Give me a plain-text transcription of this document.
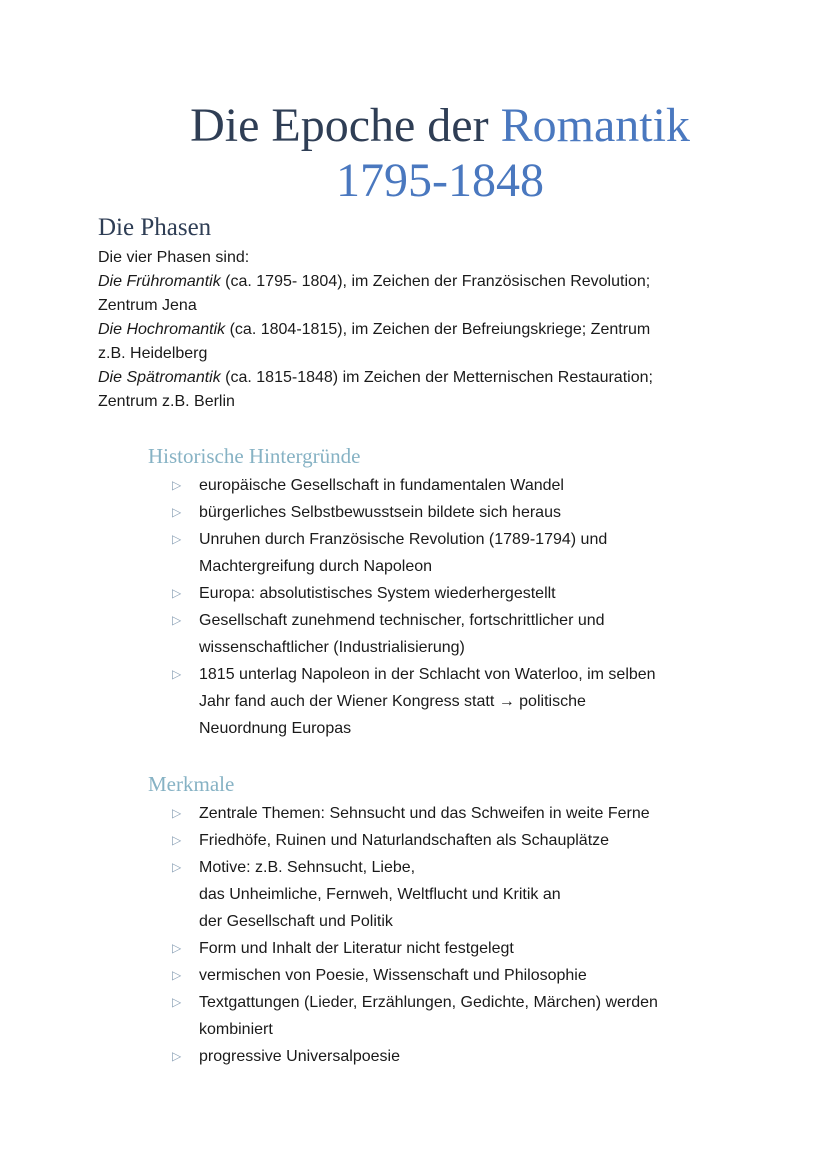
Die Epoche der Romantik
1795-1848
Die Phasen

Die vier Phasen sind:

Die Frühromantik (ca. 1795- 1804), im Zeichen der Französischen Revolution;
Zentrum Jena

Die Hochromantik (ca. 1804-1815), im Zeichen der Befreiungskriege; Zentrum
z.B. Heidelberg

Die Spätromantik (ca. 1815-1848) im Zeichen der Metternischen Restauration;
Zentrum z.B. Berlin

Historische Hintergründe
▷ europäische Gesellschaft in fundamentalen Wandel
▷ bürgerliches Selbstbewusstsein bildete sich heraus
▷ Unruhen durch Französische Revolution (1789-1794) und
Machtergreifung durch Napoleon
▷ Europa: absolutistisches System wiederhergestellt
▷ Gesellschaft zunehmend technischer, fortschrittlicher und
wissenschaftlicher (Industrialisierung)
▷ 1815 unterlag Napoleon in der Schlacht von Waterloo, im selben
Jahr fand auch der Wiener Kongress statt → politische
Neuordnung Europas
Merkmale
▷ Zentrale Themen: Sehnsucht und das Schweifen in weite Ferne
▷ Friedhöfe, Ruinen und Naturlandschaften als Schauplätze
▷ Motive: z.B. Sehnsucht, Liebe,
das Unheimliche, Fernweh, Weltflucht und Kritik an
der Gesellschaft und Politik
▷ Form und Inhalt der Literatur nicht festgelegt
▷ vermischen von Poesie, Wissenschaft und Philosophie
▷ Textgattungen (Lieder, Erzählungen, Gedichte, Märchen) werden
kombiniert
▷ progressive Universalpoesie
